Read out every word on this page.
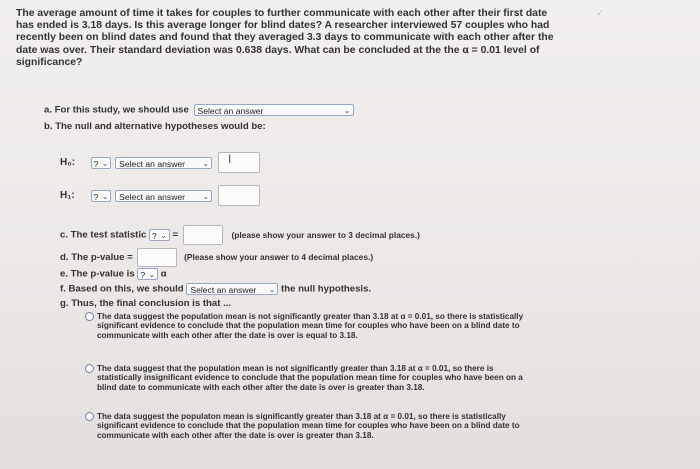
✓
The average amount of time it takes for couples to further communicate with each other after their first date has ended is 3.18 days. Is this average longer for blind dates? A researcher interviewed 57 couples who had recently been on blind dates and found that they averaged 3.3 days to communicate with each other after the date was over. Their standard deviation was 0.638 days. What can be concluded at the the α = 0.01 level of significance?
a. For this study, we should use Select an answer	⌄
b. The null and alternative hypotheses would be:
H₀: ? ⌄ Select an answer ⌄
I
H₁: ? ⌄ Select an answer ⌄

c. The test statistic ? ⌄ =	(please show your answer to 3 decimal places.)
d. The p-value =	(Please show your answer to 4 decimal places.)
e. The p-value is ? ⌄ α
f. Based on this, we should Select an answer ⌄ the null hypothesis.
g. Thus, the final conclusion is that ...
The data suggest the population mean is not significantly greater than 3.18 at α = 0.01, so there is statistically significant evidence to conclude that the population mean time for couples who have been on a blind date to communicate with each other after the date is over is equal to 3.18.
The data suggest that the population mean is not significantly greater than 3.18 at α = 0.01, so there is statistically insignificant evidence to conclude that the population mean time for couples who have been on a blind date to communicate with each other after the date is over is greater than 3.18.
The data suggest the populaton mean is significantly greater than 3.18 at α = 0.01, so there is statistically significant evidence to conclude that the population mean time for couples who have been on a blind date to communicate with each other after the date is over is greater than 3.18.
